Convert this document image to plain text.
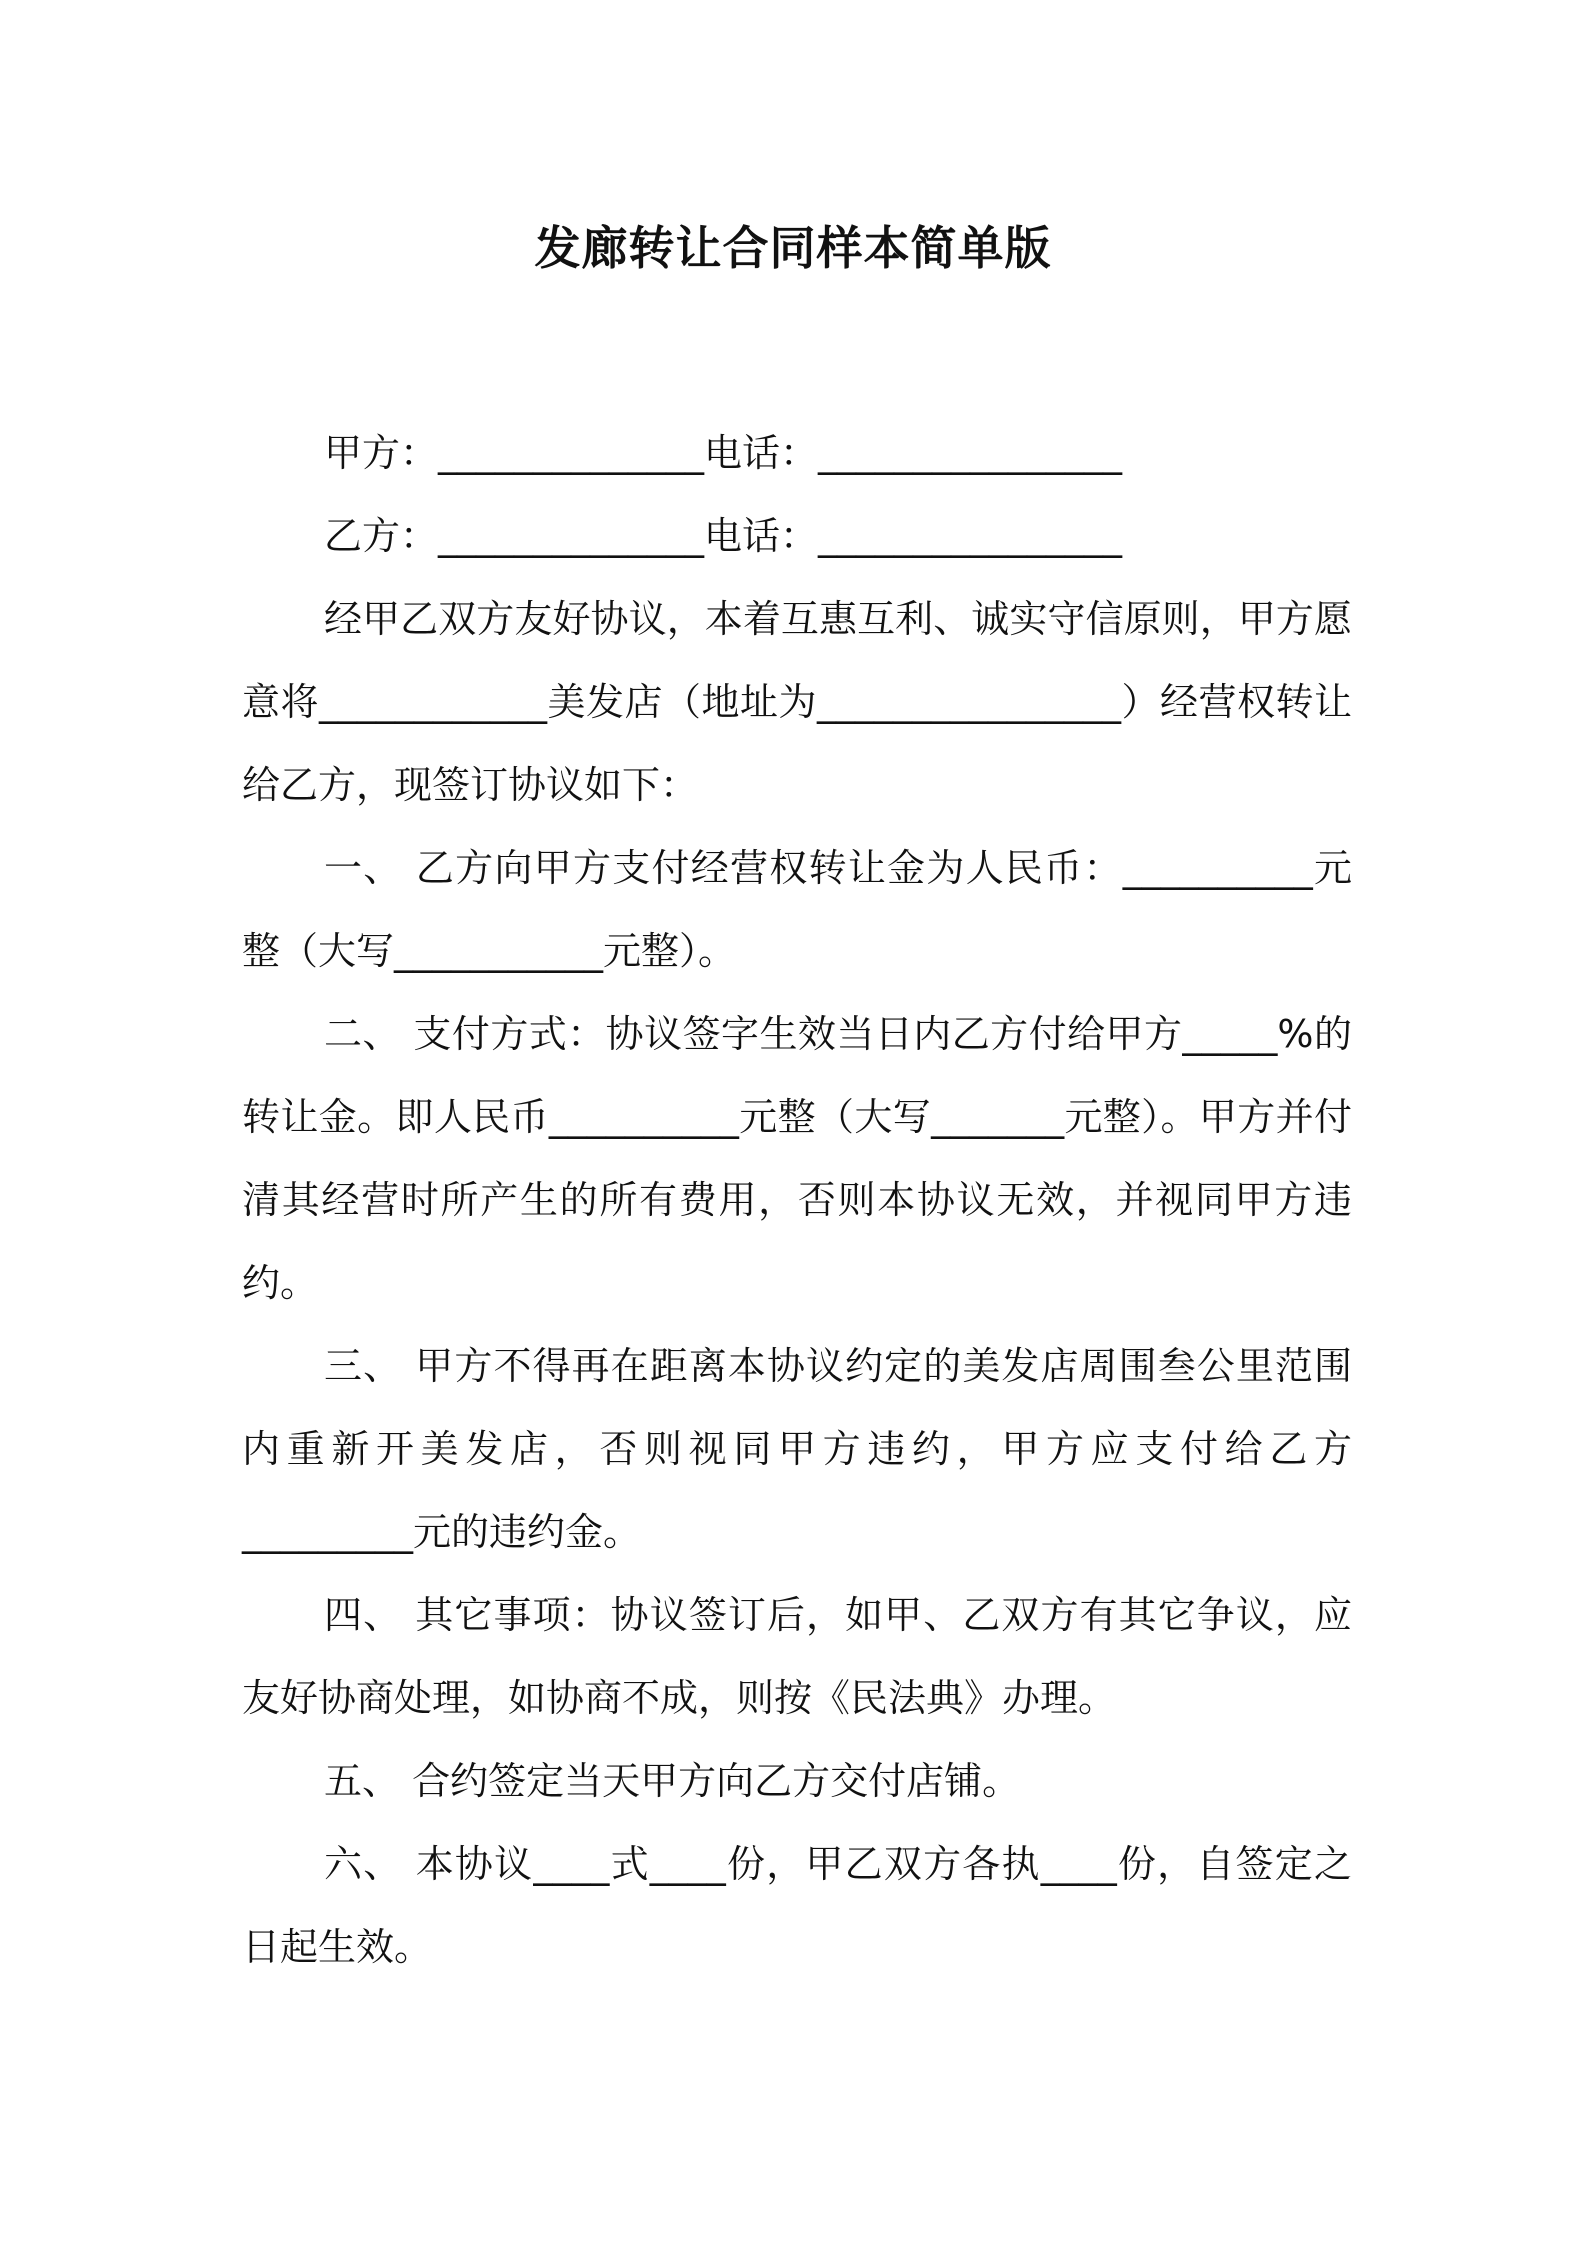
发廊转让合同样本简单版

甲方：______________电话：________________

乙方：______________电话：________________

经甲乙双方友好协议，本着互惠互利、诚实守信原则，甲方愿意将____________美发店（地址为________________）经营权转让给乙方，现签订协议如下：

一、 乙方向甲方支付经营权转让金为人民币：__________元整（大写___________元整）。

二、 支付方式：协议签字生效当日内乙方付给甲方_____%的转让金。即人民币__________元整（大写_______元整）。甲方并付清其经营时所产生的所有费用，否则本协议无效，并视同甲方违约。

三、 甲方不得再在距离本协议约定的美发店周围叁公里范围内重新开美发店，否则视同甲方违约，甲方应支付给乙方_________元的违约金。

四、 其它事项：协议签订后，如甲、乙双方有其它争议，应友好协商处理，如协商不成，则按《民法典》办理。

五、 合约签定当天甲方向乙方交付店铺。

六、 本协议____式____份，甲乙双方各执____份，自签定之日起生效。
